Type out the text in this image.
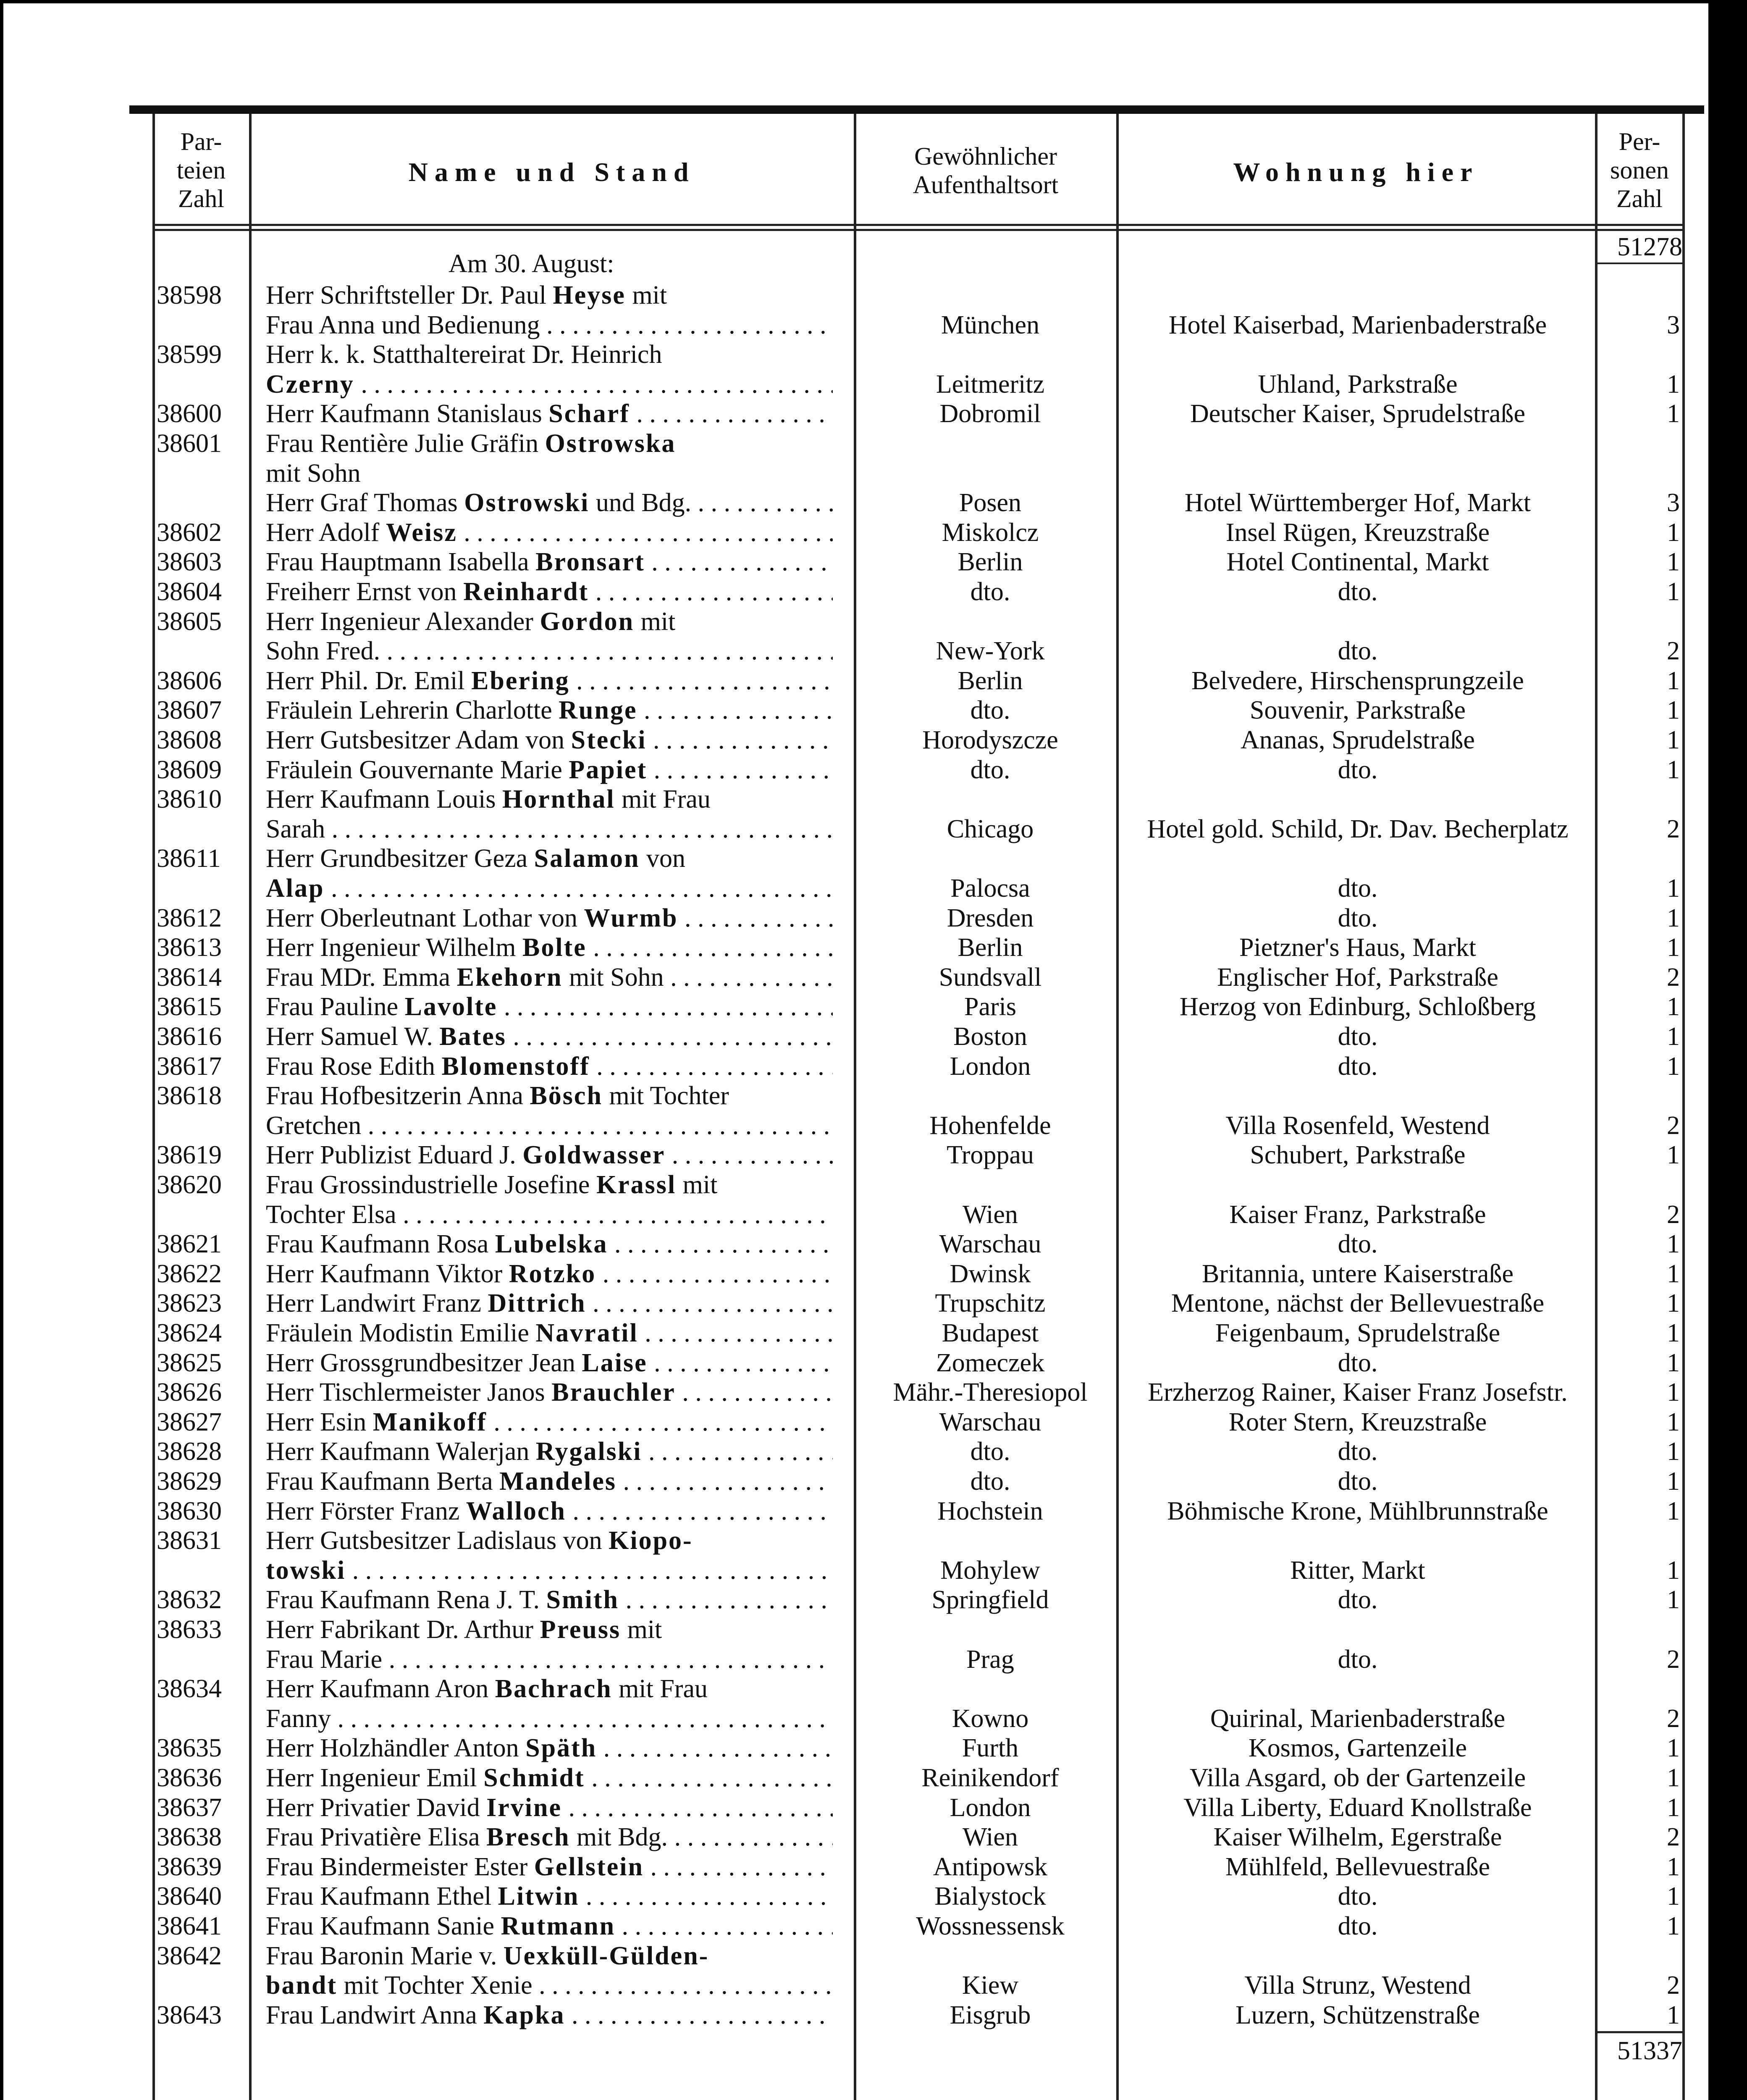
Par-
teien
Zahl
Name und Stand
Gewöhnlicher
Aufenthaltsort	Wohnung hier
Per-
sonen
Zahl
51278
Am 30. August:
38598	Herr Schriftsteller Dr. Paul Heyse mit
Frau Anna und Bedienung . . .	München	Hotel Kaiserbad, Marienbaderstraße	3
38599	Herr k. k. Statthaltereirat Dr. Heinrich
Czerny . . .	Leitmeritz	Uhland, Parkstraße	1
38600	Herr Kaufmann Stanislaus Scharf . . .	Dobromil	Deutscher Kaiser, Sprudelstraße	1
38601	Frau Rentière Julie Gräfin Ostrowska
mit Sohn
Herr Graf Thomas Ostrowski und Bdg. . . .	Posen	Hotel Württemberger Hof, Markt	3
38602	Herr Adolf Weisz . . .	Miskolcz	Insel Rügen, Kreuzstraße	1
38603	Frau Hauptmann Isabella Bronsart . . .	Berlin	Hotel Continental, Markt	1
38604	Freiherr Ernst von Reinhardt . . .	dto.	dto.	1
38605	Herr Ingenieur Alexander Gordon mit
Sohn Fred. . . .	New-York	dto.	2
38606	Herr Phil. Dr. Emil Ebering . . .	Berlin	Belvedere, Hirschensprungzeile	1
38607	Fräulein Lehrerin Charlotte Runge . . .	dto.	Souvenir, Parkstraße	1
38608	Herr Gutsbesitzer Adam von Stecki . . .	Horodyszcze	Ananas, Sprudelstraße	1
38609	Fräulein Gouvernante Marie Papiet . . .	dto.	dto.	1
38610	Herr Kaufmann Louis Hornthal mit Frau
Sarah . . .	Chicago	Hotel gold. Schild, Dr. Dav. Becherplatz	2
38611	Herr Grundbesitzer Geza Salamon von
Alap . . .	Palocsa	dto.	1
38612	Herr Oberleutnant Lothar von Wurmb . . .	Dresden	dto.	1
38613	Herr Ingenieur Wilhelm Bolte . . .	Berlin	Pietzner's Haus, Markt	1
38614	Frau MDr. Emma Ekehorn mit Sohn . . .	Sundsvall	Englischer Hof, Parkstraße	2
38615	Frau Pauline Lavolte . . .	Paris	Herzog von Edinburg, Schloßberg	1
38616	Herr Samuel W. Bates . . .	Boston	dto.	1
38617	Frau Rose Edith Blomenstoff . . .	London	dto.	1
38618	Frau Hofbesitzerin Anna Bösch mit Tochter
Gretchen . . .	Hohenfelde	Villa Rosenfeld, Westend	2
38619	Herr Publizist Eduard J. Goldwasser . . .	Troppau	Schubert, Parkstraße	1
38620	Frau Grossindustrielle Josefine Krassl mit
Tochter Elsa . . .	Wien	Kaiser Franz, Parkstraße	2
38621	Frau Kaufmann Rosa Lubelska . . .	Warschau	dto.	1
38622	Herr Kaufmann Viktor Rotzko . . .	Dwinsk	Britannia, untere Kaiserstraße	1
38623	Herr Landwirt Franz Dittrich . . .	Trupschitz	Mentone, nächst der Bellevuestraße	1
38624	Fräulein Modistin Emilie Navratil . . .	Budapest	Feigenbaum, Sprudelstraße	1
38625	Herr Grossgrundbesitzer Jean Laise . . .	Zomeczek	dto.	1
38626	Herr Tischlermeister Janos Brauchler . . .	Mähr.-Theresiopol	Erzherzog Rainer, Kaiser Franz Josefstr.	1
38627	Herr Esin Manikoff . . .	Warschau	Roter Stern, Kreuzstraße	1
38628	Herr Kaufmann Walerjan Rygalski . . .	dto.	dto.	1
38629	Frau Kaufmann Berta Mandeles . . .	dto.	dto.	1
38630	Herr Förster Franz Walloch . . .	Hochstein	Böhmische Krone, Mühlbrunnstraße	1
38631	Herr Gutsbesitzer Ladislaus von Kiopo-
towski . . .	Mohylew	Ritter, Markt	1
38632	Frau Kaufmann Rena J. T. Smith . . .	Springfield	dto.	1
38633	Herr Fabrikant Dr. Arthur Preuss mit
Frau Marie . . .	Prag	dto.	2
38634	Herr Kaufmann Aron Bachrach mit Frau
Fanny . . .	Kowno	Quirinal, Marienbaderstraße	2
38635	Herr Holzhändler Anton Späth . . .	Furth	Kosmos, Gartenzeile	1
38636	Herr Ingenieur Emil Schmidt . . .	Reinikendorf	Villa Asgard, ob der Gartenzeile	1
38637	Herr Privatier David Irvine . . .	London	Villa Liberty, Eduard Knollstraße	1
38638	Frau Privatière Elisa Bresch mit Bdg. . . .	Wien	Kaiser Wilhelm, Egerstraße	2
38639	Frau Bindermeister Ester Gellstein . . .	Antipowsk	Mühlfeld, Bellevuestraße	1
38640	Frau Kaufmann Ethel Litwin . . .	Bialystock	dto.	1
38641	Frau Kaufmann Sanie Rutmann . . .	Wossnessensk	dto.	1
38642	Frau Baronin Marie v. Uexküll-Gülden-
bandt mit Tochter Xenie . . .	Kiew	Villa Strunz, Westend	2
38643	Frau Landwirt Anna Kapka . . .	Eisgrub	Luzern, Schützenstraße	1
51337
